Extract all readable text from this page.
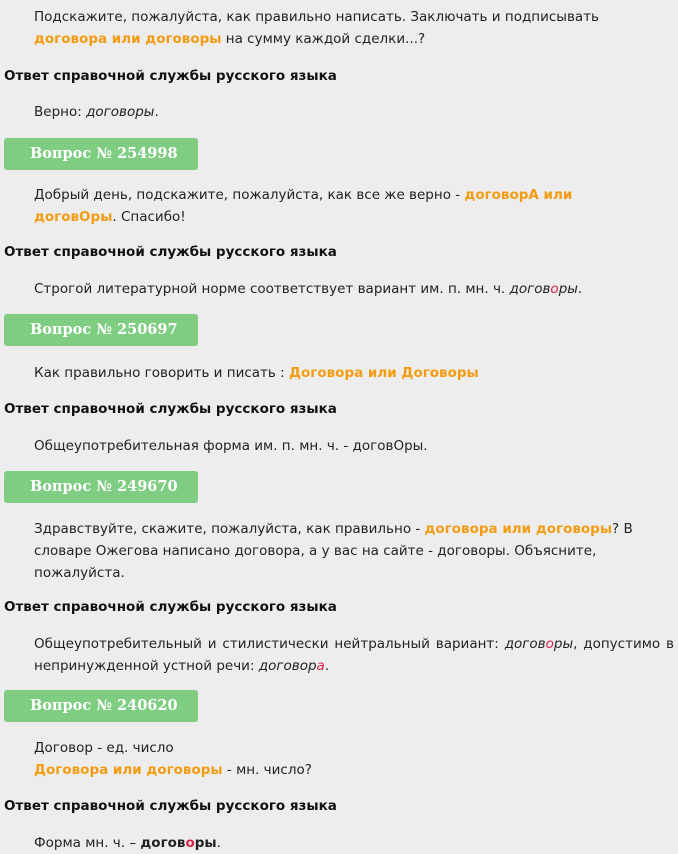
Подскажите, пожалуйста, как правильно написать. Заключать и подписывать договора или договоры на сумму каждой сделки...?

Ответ справочной службы русского языка

Верно: договоры.

Вопрос № 254998

Добрый день, подскажите, пожалуйста, как все же верно - договорА или договОры. Спасибо!

Ответ справочной службы русского языка

Строгой литературной норме соответствует вариант им. п. мн. ч. договоры.

Вопрос № 250697

Как правильно говорить и писать : Договора или Договоры

Ответ справочной службы русского языка

Общеупотребительная форма им. п. мн. ч. - договОры.

Вопрос № 249670

Здравствуйте, скажите, пожалуйста, как правильно - договора или договоры? В словаре Ожегова написано договора, а у вас на сайте - договоры. Объясните, пожалуйста.

Ответ справочной службы русского языка

Общеупотребительный и стилистически нейтральный вариант: договоры, допустимо в непринужденной устной речи: договора.

Вопрос № 240620

Договор - ед. число
Договора или договоры - мн. число?

Ответ справочной службы русского языка

Форма мн. ч. – договоры.
